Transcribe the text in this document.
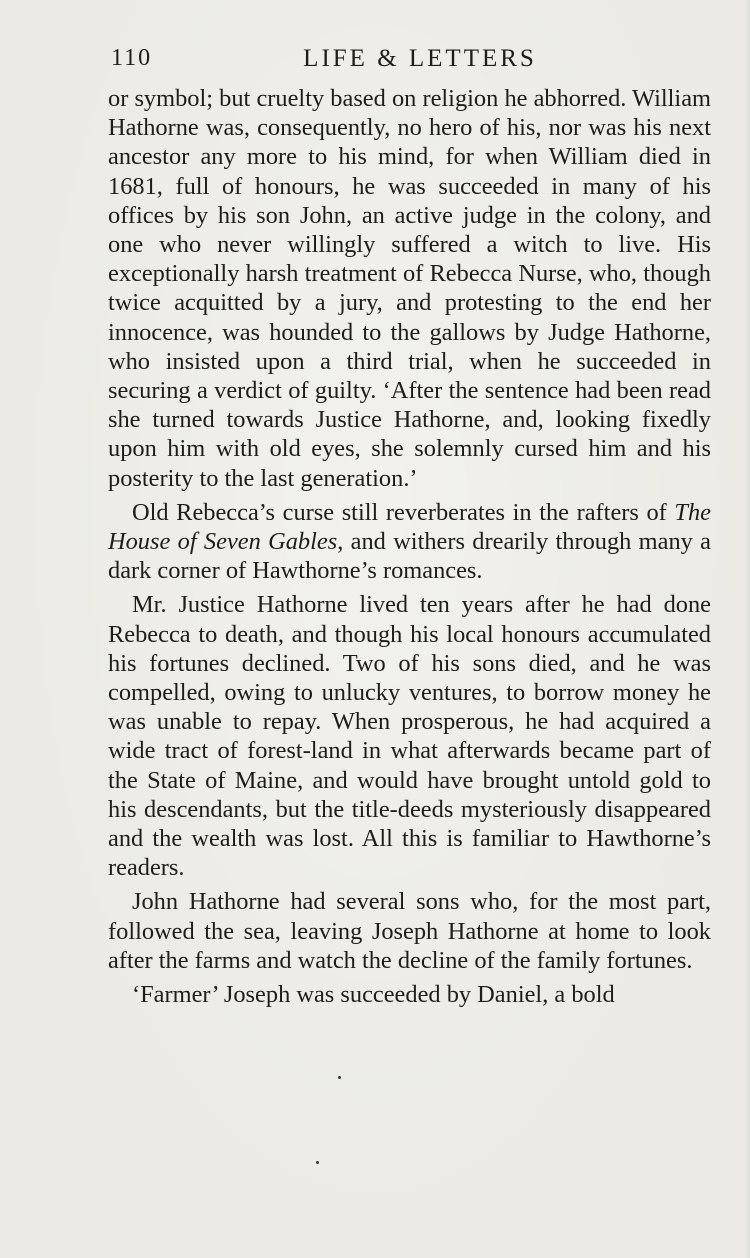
110	LIFE & LETTERS

or symbol; but cruelty based on religion he abhorred. William Hathorne was, consequently, no hero of his, nor was his next ancestor any more to his mind, for when William died in 1681, full of honours, he was succeeded in many of his offices by his son John, an active judge in the colony, and one who never willingly suffered a witch to live. His exceptionally harsh treatment of Rebecca Nurse, who, though twice acquitted by a jury, and protesting to the end her innocence, was hounded to the gallows by Judge Hathorne, who insisted upon a third trial, when he succeeded in securing a verdict of guilty. ‘After the sentence had been read she turned towards Justice Hathorne, and, looking fixedly upon him with old eyes, she solemnly cursed him and his posterity to the last generation.’

Old Rebecca’s curse still reverberates in the rafters of The House of Seven Gables, and withers drearily through many a dark corner of Hawthorne’s romances.

Mr. Justice Hathorne lived ten years after he had done Rebecca to death, and though his local honours accumulated his fortunes declined. Two of his sons died, and he was compelled, owing to unlucky ventures, to borrow money he was unable to repay. When prosperous, he had acquired a wide tract of forest-land in what afterwards became part of the State of Maine, and would have brought untold gold to his descendants, but the title-deeds mysteriously disappeared and the wealth was lost. All this is familiar to Hawthorne’s readers.

John Hathorne had several sons who, for the most part, followed the sea, leaving Joseph Hathorne at home to look after the farms and watch the decline of the family fortunes.

‘Farmer’ Joseph was succeeded by Daniel, a bold
